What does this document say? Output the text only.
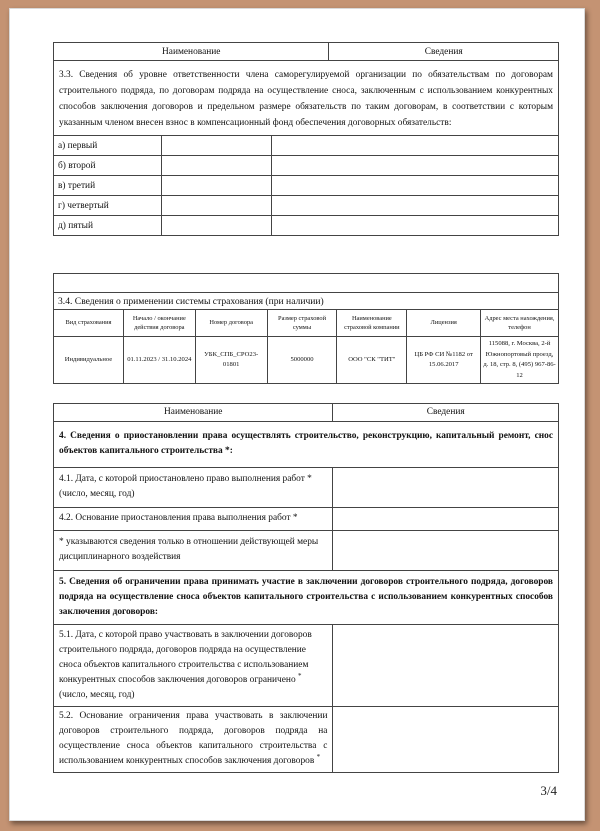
Наименование			Сведения
3.3. Сведения об уровне ответственности члена саморегулируемой организации по обязательствам по договорам строительного подряда, по договорам подряда на осуществление сноса, заключенным с использованием конкурентных способов заключения договоров и предельном размере обязательств по таким договорам, в соответствии с которым указанным членом внесен взнос в компенсационный фонд обеспечения договорных обязательств:			
а) первый			
б) второй			
в) третий			
г) четвертый			
д) пятый			

3.4. Сведения о применении системы страхования (при наличии)						
Вид страхования	Начало / окончание действия договора	Номер договора	Размер страховой суммы	Наименование страховой компании	Лицензия	Адрес места нахождения, телефон
Индивидуальное	01.11.2023 / 31.10.2024	УБК_СПБ_СРО23-01801	5000000	ООО "СК "ТИТ"	ЦБ РФ СИ №1182 от 15.06.2017	115088, г. Москва, 2-й Южнопортовый проезд, д. 18, стр. 8, (495) 967-86-12
Наименование	Сведения
4. Сведения о приостановлении права осуществлять строительство, реконструкцию, капитальный ремонт, снос объектов капитального строительства *:	
4.1. Дата, с которой приостановлено право выполнения работ * (число, месяц, год)	
4.2. Основание приостановления права выполнения работ *	
* указываются сведения только в отношении действующей меры дисциплинарного воздействия	
5. Сведения об ограничении права принимать участие в заключении договоров строительного подряда, договоров подряда на осуществление сноса объектов капитального строительства с использованием конкурентных способов заключения договоров:	
5.1. Дата, с которой право участвовать в заключении договоров строительного подряда, договоров подряда на осуществление сноса объектов капитального строительства с использованием конкурентных способов заключения договоров ограничено *
(число, месяц, год)	
5.2. Основание ограничения права участвовать в заключении договоров строительного подряда, договоров подряда на осуществление сноса объектов капитального строительства с использованием конкурентных способов заключения договоров *	
3/4
